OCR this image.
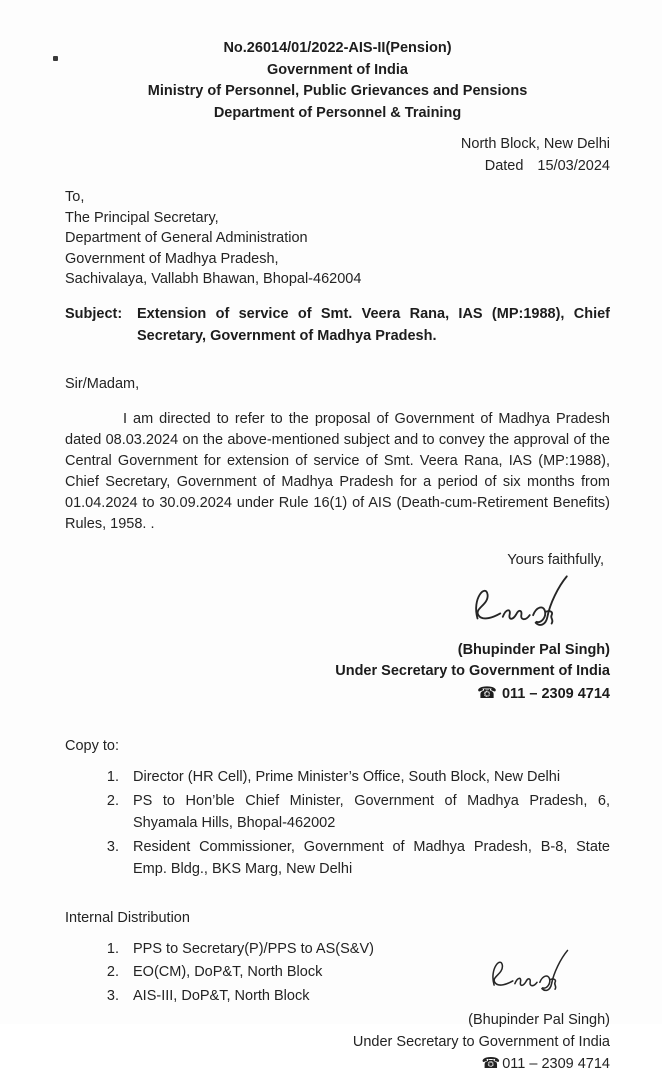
No.26014/01/2022-AIS-II(Pension)
Government of India
Ministry of Personnel, Public Grievances and Pensions
Department of Personnel & Training
North Block, New Delhi
Dated 15/03/2024
To,
The Principal Secretary,
Department of General Administration
Government of Madhya Pradesh,
Sachivalaya, Vallabh Bhawan, Bhopal-462004
Subject:	Extension of service of Smt. Veera Rana, IAS (MP:1988), Chief Secretary, Government of Madhya Pradesh.
Sir/Madam,

I am directed to refer to the proposal of Government of Madhya Pradesh dated 08.03.2024 on the above-mentioned subject and to convey the approval of the Central Government for extension of service of Smt. Veera Rana, IAS (MP:1988), Chief Secretary, Government of Madhya Pradesh for a period of six months from 01.04.2024 to 30.09.2024 under Rule 16(1) of AIS (Death-cum-Retirement Benefits) Rules, 1958. .

Yours faithfully,
(Bhupinder Pal Singh)
Under Secretary to Government of India
☎ 011 – 2309 4714
Copy to:
1. Director (HR Cell), Prime Minister’s Office, South Block, New Delhi
2. PS to Hon’ble Chief Minister, Government of Madhya Pradesh, 6, Shyamala Hills, Bhopal-462002
3. Resident Commissioner, Government of Madhya Pradesh, B-8, State Emp. Bldg., BKS Marg, New Delhi
Internal Distribution
1. PPS to Secretary(P)/PPS to AS(S&V)
2. EO(CM), DoP&T, North Block
3. AIS-III, DoP&T, North Block
(Bhupinder Pal Singh)
Under Secretary to Government of India
☎ 011 – 2309 4714
